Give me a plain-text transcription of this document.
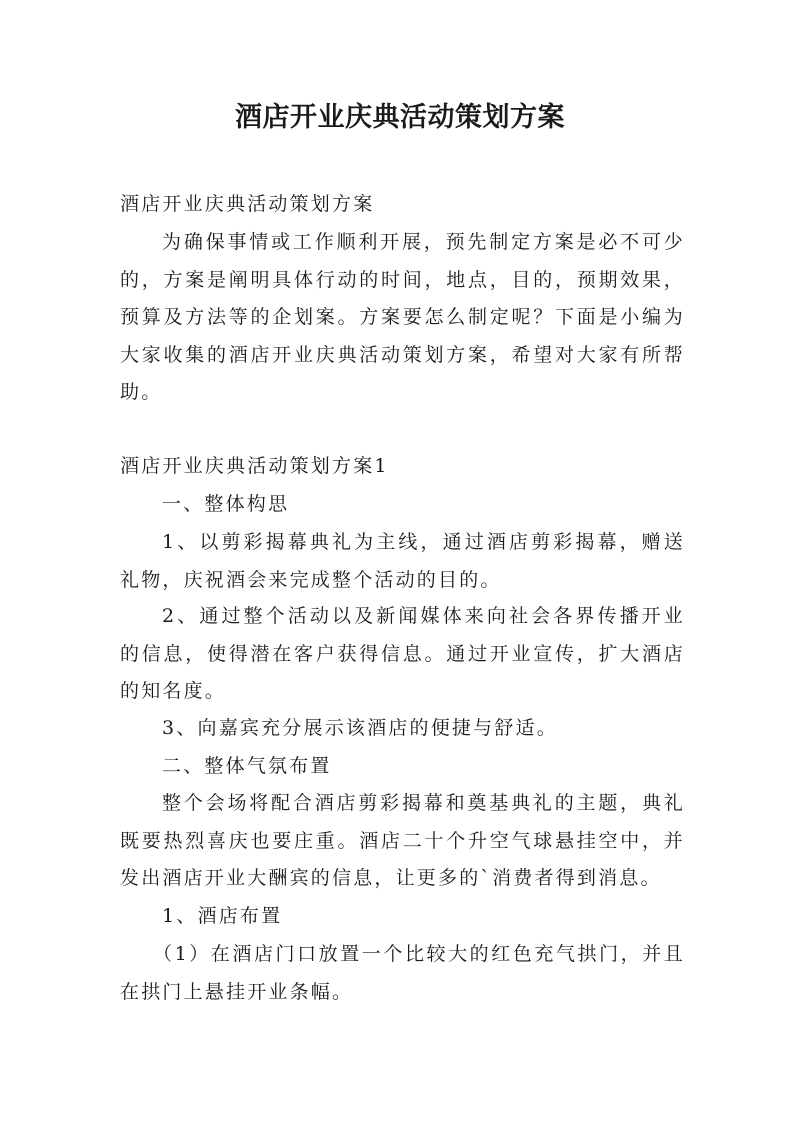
酒店开业庆典活动策划方案

酒店开业庆典活动策划方案

为确保事情或工作顺利开展，预先制定方案是必不可少的，方案是阐明具体行动的时间，地点，目的，预期效果，预算及方法等的企划案。方案要怎么制定呢？下面是小编为大家收集的酒店开业庆典活动策划方案，希望对大家有所帮助。

酒店开业庆典活动策划方案1

一、整体构思

1、以剪彩揭幕典礼为主线，通过酒店剪彩揭幕，赠送礼物，庆祝酒会来完成整个活动的目的。

2、通过整个活动以及新闻媒体来向社会各界传播开业的信息，使得潜在客户获得信息。通过开业宣传，扩大酒店的知名度。

3、向嘉宾充分展示该酒店的便捷与舒适。

二、整体气氛布置

整个会场将配合酒店剪彩揭幕和奠基典礼的主题，典礼既要热烈喜庆也要庄重。酒店二十个升空气球悬挂空中，并发出酒店开业大酬宾的信息，让更多的`消费者得到消息。

1、酒店布置

（1）在酒店门口放置一个比较大的红色充气拱门，并且在拱门上悬挂开业条幅。
